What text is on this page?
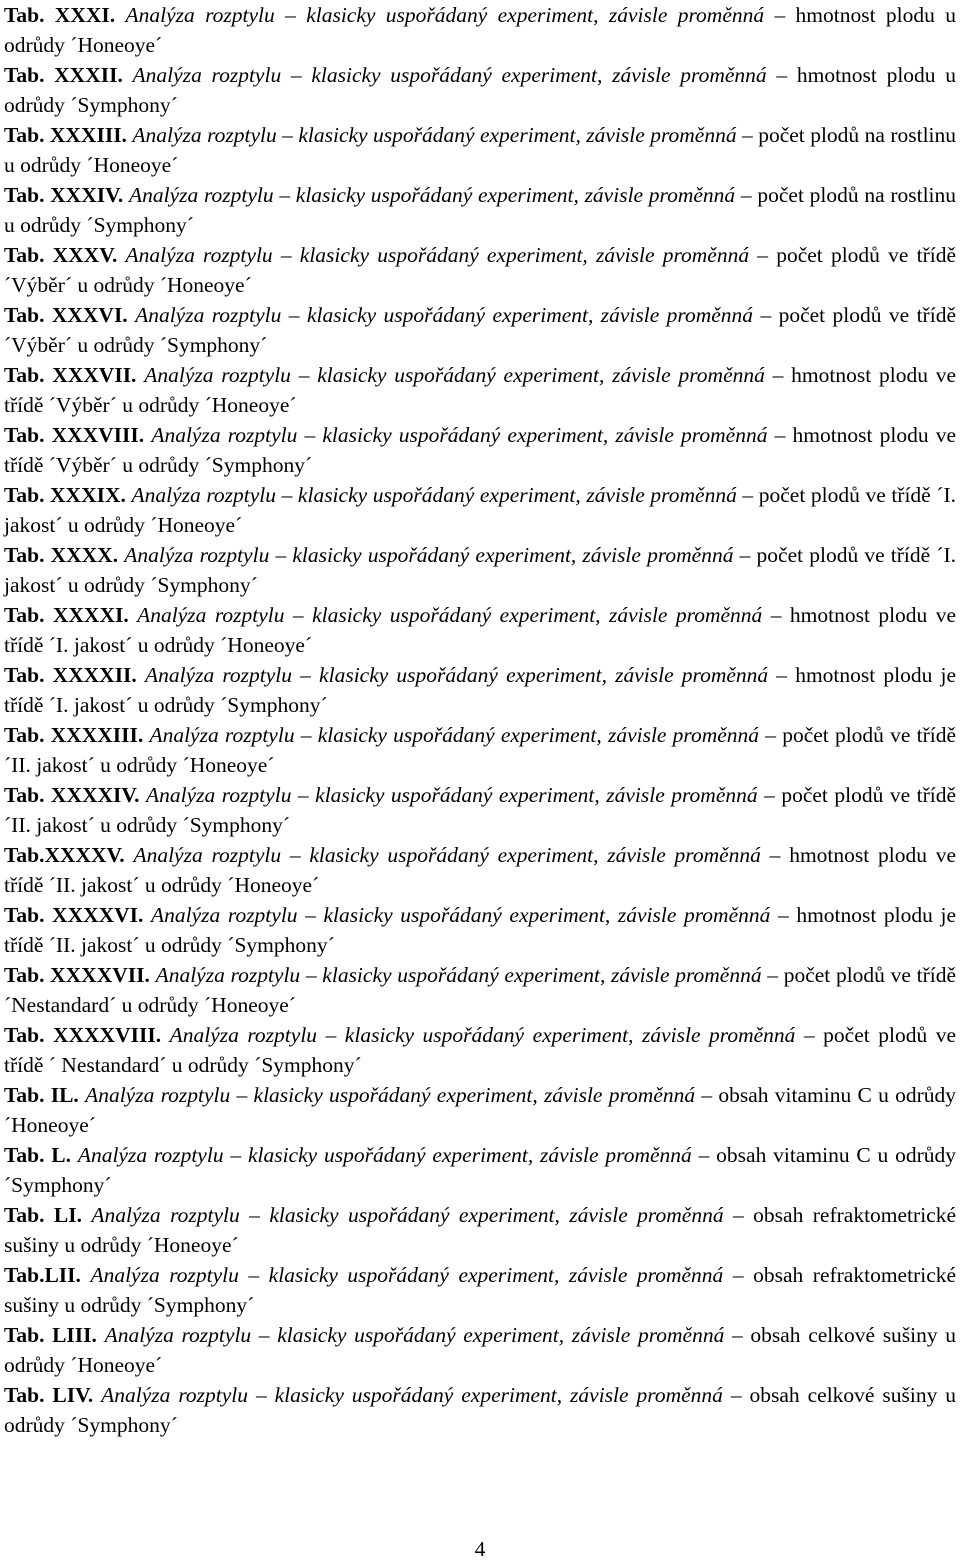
Tab. XXXI. Analýza rozptylu – klasicky uspořádaný experiment, závisle proměnná – hmotnost plodu u odrůdy ´Honeoye´
Tab. XXXII. Analýza rozptylu – klasicky uspořádaný experiment, závisle proměnná – hmotnost plodu u odrůdy ´Symphony´
Tab. XXXIII. Analýza rozptylu – klasicky uspořádaný experiment, závisle proměnná – počet plodů na rostlinu u odrůdy ´Honeoye´
Tab. XXXIV. Analýza rozptylu – klasicky uspořádaný experiment, závisle proměnná – počet plodů na rostlinu u odrůdy ´Symphony´
Tab. XXXV. Analýza rozptylu – klasicky uspořádaný experiment, závisle proměnná – počet plodů ve třídě ´Výběr´ u odrůdy ´Honeoye´
Tab. XXXVI. Analýza rozptylu – klasicky uspořádaný experiment, závisle proměnná – počet plodů ve třídě ´Výběr´ u odrůdy ´Symphony´
Tab. XXXVII. Analýza rozptylu – klasicky uspořádaný experiment, závisle proměnná – hmotnost plodu ve třídě ´Výběr´ u odrůdy ´Honeoye´
Tab. XXXVIII. Analýza rozptylu – klasicky uspořádaný experiment, závisle proměnná – hmotnost plodu ve třídě ´Výběr´ u odrůdy ´Symphony´
Tab. XXXIX. Analýza rozptylu – klasicky uspořádaný experiment, závisle proměnná – počet plodů ve třídě ´I. jakost´ u odrůdy ´Honeoye´
Tab. XXXX. Analýza rozptylu – klasicky uspořádaný experiment, závisle proměnná – počet plodů ve třídě ´I. jakost´ u odrůdy ´Symphony´
Tab. XXXXI. Analýza rozptylu – klasicky uspořádaný experiment, závisle proměnná – hmotnost plodu ve třídě ´I. jakost´ u odrůdy ´Honeoye´
Tab. XXXXII. Analýza rozptylu – klasicky uspořádaný experiment, závisle proměnná – hmotnost plodu je třídě ´I. jakost´ u odrůdy ´Symphony´
Tab. XXXXIII. Analýza rozptylu – klasicky uspořádaný experiment, závisle proměnná – počet plodů ve třídě ´II. jakost´ u odrůdy ´Honeoye´
Tab. XXXXIV. Analýza rozptylu – klasicky uspořádaný experiment, závisle proměnná – počet plodů ve třídě ´II. jakost´ u odrůdy ´Symphony´
Tab.XXXXV. Analýza rozptylu – klasicky uspořádaný experiment, závisle proměnná – hmotnost plodu ve třídě ´II. jakost´ u odrůdy ´Honeoye´
Tab. XXXXVI. Analýza rozptylu – klasicky uspořádaný experiment, závisle proměnná – hmotnost plodu je třídě ´II. jakost´ u odrůdy ´Symphony´
Tab. XXXXVII. Analýza rozptylu – klasicky uspořádaný experiment, závisle proměnná – počet plodů ve třídě ´Nestandard´ u odrůdy ´Honeoye´
Tab. XXXXVIII. Analýza rozptylu – klasicky uspořádaný experiment, závisle proměnná – počet plodů ve třídě ´ Nestandard´ u odrůdy ´Symphony´
Tab. IL. Analýza rozptylu – klasicky uspořádaný experiment, závisle proměnná – obsah vitaminu C u odrůdy ´Honeoye´
Tab. L. Analýza rozptylu – klasicky uspořádaný experiment, závisle proměnná – obsah vitaminu C u odrůdy ´Symphony´
Tab. LI. Analýza rozptylu – klasicky uspořádaný experiment, závisle proměnná – obsah refraktometrické sušiny u odrůdy ´Honeoye´
Tab.LII. Analýza rozptylu – klasicky uspořádaný experiment, závisle proměnná – obsah refraktometrické sušiny u odrůdy ´Symphony´
Tab. LIII. Analýza rozptylu – klasicky uspořádaný experiment, závisle proměnná – obsah celkové sušiny u odrůdy ´Honeoye´
Tab. LIV. Analýza rozptylu – klasicky uspořádaný experiment, závisle proměnná – obsah celkové sušiny u odrůdy ´Symphony´
4
